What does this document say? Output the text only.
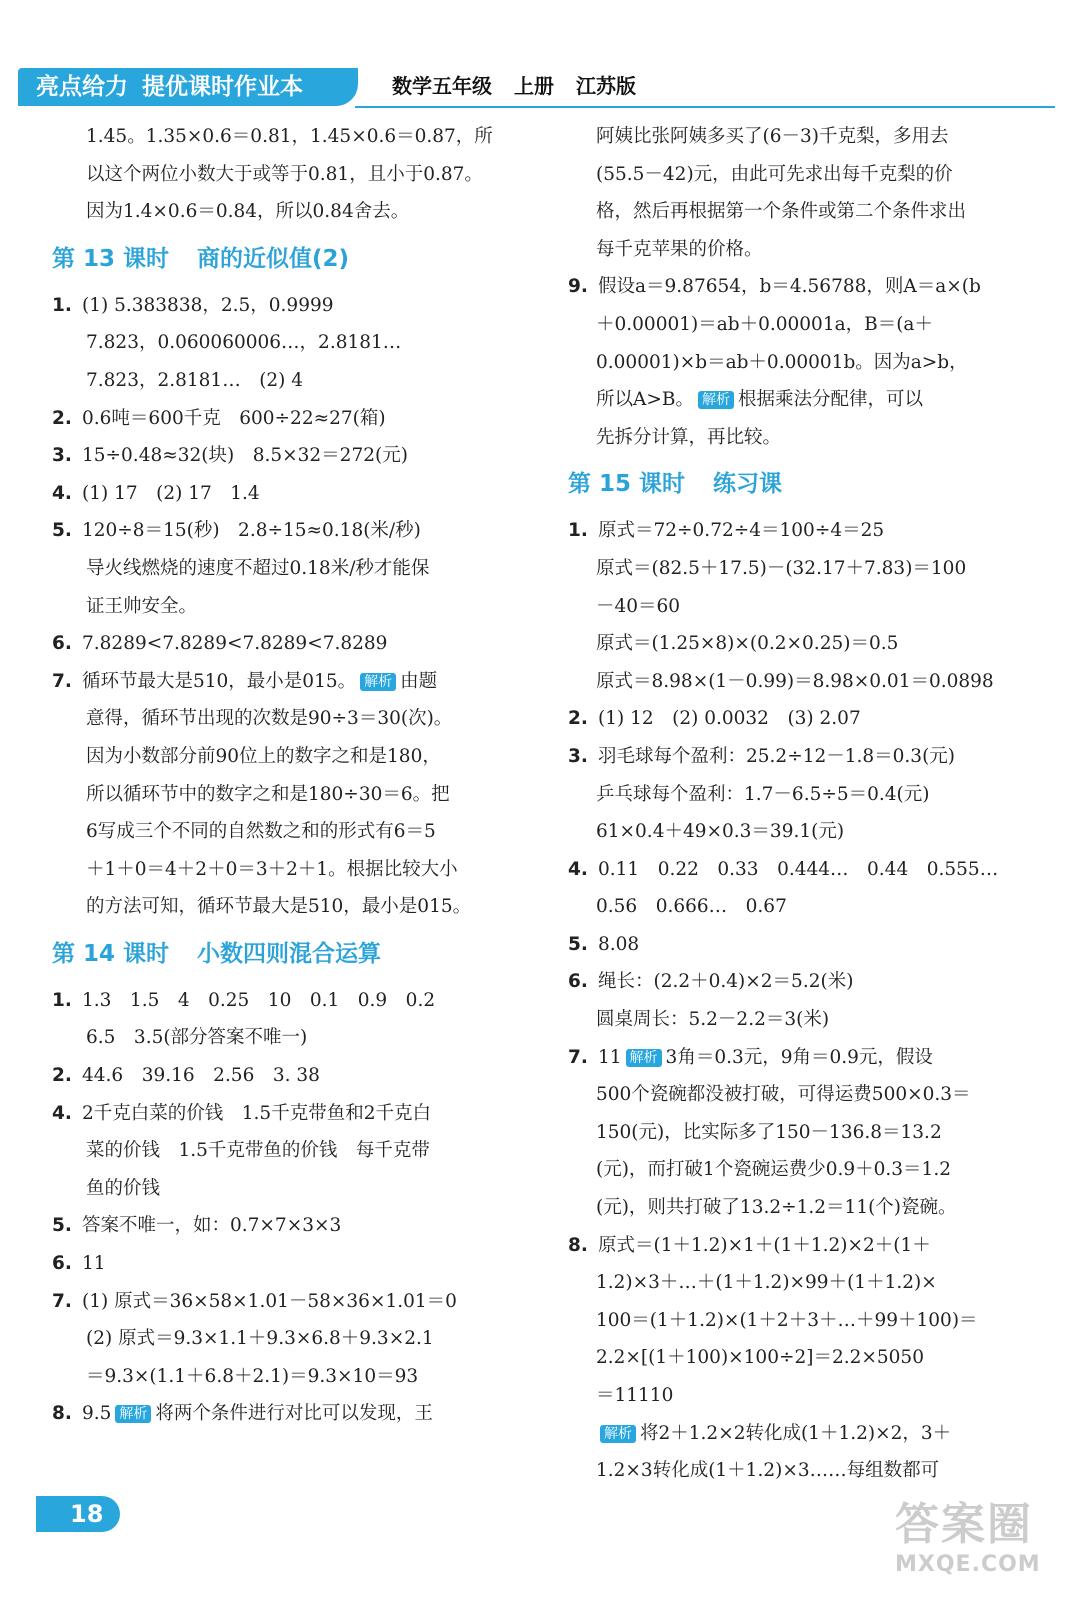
亮点给力 提优课时作业本	数学五年级 上册 江苏版
1.45。1.35×0.6＝0.81，1.45×0.6＝0.87，所
以这个两位小数大于或等于0.81，且小于0.87。
因为1.4×0.6＝0.84，所以0.84舍去。
第 13 课时 商的近似值(2)
1. (1) 5.383838，2.5，0.9999
7.823，0.060060006…，2.8181…
7.823，2.8181…　(2) 4
2. 0.6吨＝600千克　600÷22≈27(箱)
3. 15÷0.48≈32(块)　8.5×32＝272(元)
4. (1) 17　(2) 17　1.4
5. 120÷8＝15(秒)　2.8÷15≈0.18(米/秒)
导火线燃烧的速度不超过0.18米/秒才能保
证王帅安全。
6. 7.8289<7.8289<7.8289<7.8289
7. 循环节最大是510，最小是015。 解析 由题
意得，循环节出现的次数是90÷3＝30(次)。
因为小数部分前90位上的数字之和是180，
所以循环节中的数字之和是180÷30＝6。把
6写成三个不同的自然数之和的形式有6＝5
＋1＋0＝4＋2＋0＝3＋2＋1。根据比较大小
的方法可知，循环节最大是510，最小是015。
第 14 课时 小数四则混合运算
1. 1.3　1.5　4　0.25　10　0.1　0.9　0.2
6.5　3.5(部分答案不唯一)
2. 44.6　39.16　2.56　3. 38
4. 2千克白菜的价钱　1.5千克带鱼和2千克白
菜的价钱　1.5千克带鱼的价钱　每千克带
鱼的价钱
5. 答案不唯一，如：0.7×7×3×3
6. 11
7. (1) 原式＝36×58×1.01－58×36×1.01＝0
(2) 原式＝9.3×1.1＋9.3×6.8＋9.3×2.1
＝9.3×(1.1＋6.8＋2.1)＝9.3×10＝93
8. 9.5 解析 将两个条件进行对比可以发现，王
阿姨比张阿姨多买了(6－3)千克梨，多用去
(55.5－42)元，由此可先求出每千克梨的价
格，然后再根据第一个条件或第二个条件求出
每千克苹果的价格。
9. 假设a＝9.87654，b＝4.56788，则A＝a×(b
＋0.00001)＝ab＋0.00001a，B＝(a＋
0.00001)×b＝ab＋0.00001b。因为a>b，
所以A>B。 解析 根据乘法分配律，可以
先拆分计算，再比较。
第 15 课时 练习课
1. 原式＝72÷0.72÷4＝100÷4＝25
原式＝(82.5＋17.5)－(32.17＋7.83)＝100
－40＝60
原式＝(1.25×8)×(0.2×0.25)＝0.5
原式＝8.98×(1－0.99)＝8.98×0.01＝0.0898
2. (1) 12　(2) 0.0032　(3) 2.07
3. 羽毛球每个盈利：25.2÷12－1.8＝0.3(元)
乒乓球每个盈利：1.7－6.5÷5＝0.4(元)
61×0.4＋49×0.3＝39.1(元)
4. 0.11　0.22　0.33　0.444…　0.44　0.555…
0.56　0.666…　0.67
5. 8.08
6. 绳长：(2.2＋0.4)×2＝5.2(米)
圆桌周长：5.2－2.2＝3(米)
7. 11 解析 3角＝0.3元，9角＝0.9元，假设
500个瓷碗都没被打破，可得运费500×0.3＝
150(元)，比实际多了150－136.8＝13.2
(元)，而打破1个瓷碗运费少0.9＋0.3＝1.2
(元)，则共打破了13.2÷1.2＝11(个)瓷碗。
8. 原式＝(1＋1.2)×1＋(1＋1.2)×2＋(1＋
1.2)×3＋…＋(1＋1.2)×99＋(1＋1.2)×
100＝(1＋1.2)×(1＋2＋3＋…＋99＋100)＝
2.2×[(1＋100)×100÷2]＝2.2×5050
＝11110
解析 将2＋1.2×2转化成(1＋1.2)×2，3＋
1.2×3转化成(1＋1.2)×3……每组数都可
18	答案圈
MXQE.COM
